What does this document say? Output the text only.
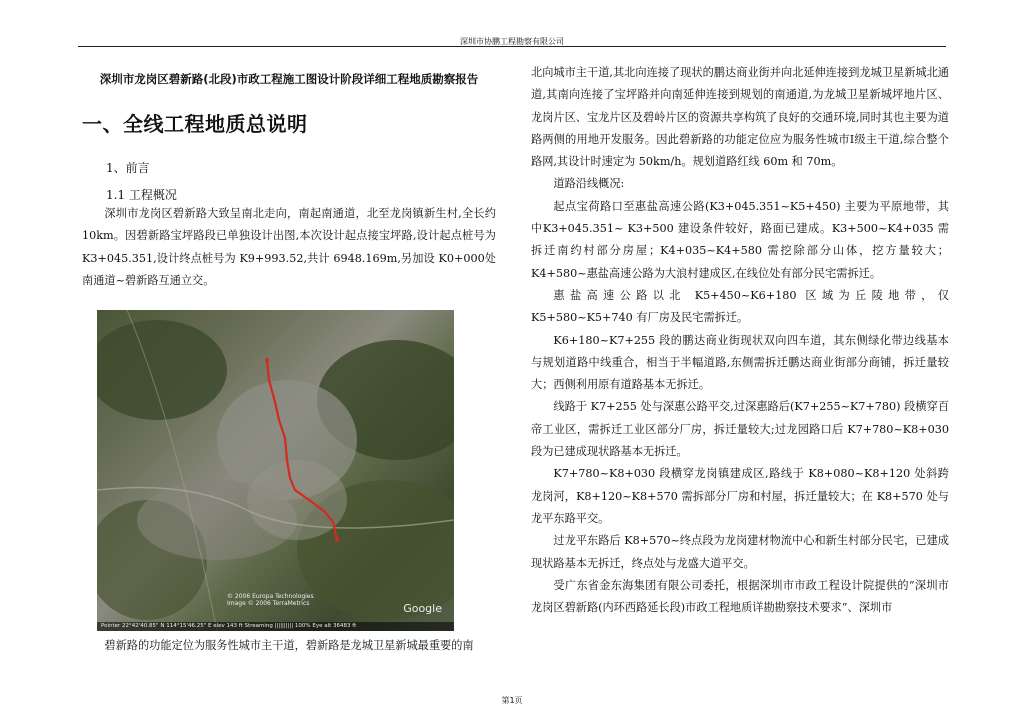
深圳市协鹏工程勘察有限公司
深圳市龙岗区碧新路(北段)市政工程施工图设计阶段详细工程地质勘察报告
一、全线工程地质总说明
1、前言
1.1 工程概况

深圳市龙岗区碧新路大致呈南北走向，南起南通道，北至龙岗镇新生村,全长约10km。因碧新路宝坪路段已单独设计出图,本次设计起点接宝坪路,设计起点桩号为 K3+045.351,设计终点桩号为 K9+993.52,共计 6948.169m,另加设 K0+000处南通道~碧新路互通立交。

© 2006 Europa Technologies
Image © 2006 TerraMetrics	Google
Pointer 22°42'40.85" N 114°15'46.25" E elev 143 ft Streaming |||||||||| 100% Eye alt 36483 ft
碧新路的功能定位为服务性城市主干道，碧新路是龙城卫星新城最重要的南

北向城市主干道,其北向连接了现状的鹏达商业街并向北延伸连接到龙城卫星新城北通道,其南向连接了宝坪路并向南延伸连接到规划的南通道,为龙城卫星新城坪地片区、龙岗片区、宝龙片区及碧岭片区的资源共享构筑了良好的交通环境,同时其也主要为道路两侧的用地开发服务。因此碧新路的功能定位应为服务性城市Ⅰ级主干道,综合整个路网,其设计时速定为 50km/h。规划道路红线 60m 和 70m。

道路沿线概况:

起点宝荷路口至惠盐高速公路(K3+045.351~K5+450) 主要为平原地带，其中K3+045.351~ K3+500 建设条件较好，路面已建成。K3+500~K4+035 需拆迁南约村部分房屋；K4+035~K4+580 需挖除部分山体，挖方量较大；K4+580~惠盐高速公路为大浪村建成区,在线位处有部分民宅需拆迁。

惠盐高速公路以北 K5+450~K6+180 区域为丘陵地带，仅 K5+580~K5+740 有厂房及民宅需拆迁。

K6+180~K7+255 段的鹏达商业街现状双向四车道，其东侧绿化带边线基本与规划道路中线重合，相当于半幅道路,东侧需拆迁鹏达商业街部分商铺，拆迁量较大；西侧利用原有道路基本无拆迁。

线路于 K7+255 处与深惠公路平交,过深惠路后(K7+255~K7+780) 段横穿百帝工业区，需拆迁工业区部分厂房，拆迁量较大;过龙园路口后 K7+780~K8+030 段为已建成现状路基本无拆迁。

K7+780~K8+030 段横穿龙岗镇建成区,路线于 K8+080~K8+120 处斜跨龙岗河，K8+120~K8+570 需拆部分厂房和村屋，拆迁量较大；在 K8+570 处与龙平东路平交。

过龙平东路后 K8+570~终点段为龙岗建材物流中心和新生村部分民宅，已建成现状路基本无拆迁，终点处与龙盛大道平交。

受广东省金东海集团有限公司委托，根据深圳市市政工程设计院提供的“深圳市龙岗区碧新路(内环西路延长段)市政工程地质详勘勘察技术要求”、深圳市

第1页
